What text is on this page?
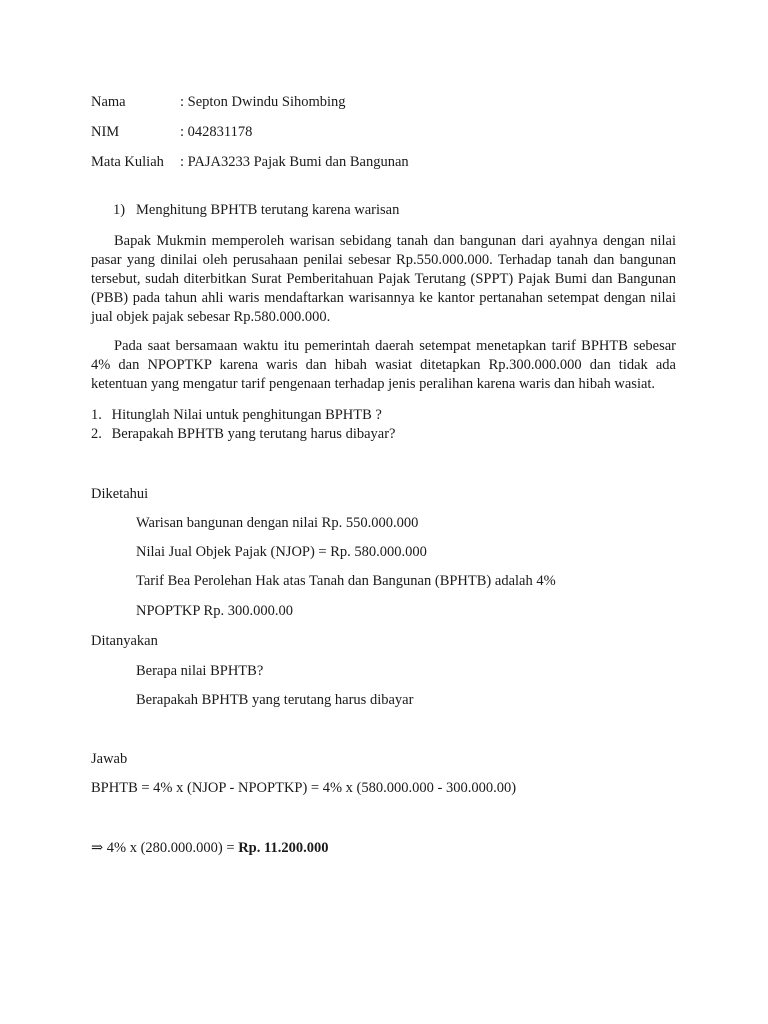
Nama	: Septon Dwindu Sihombing
NIM	: 042831178
Mata Kuliah : PAJA3233 Pajak Bumi dan Bangunan
1) Menghitung BPHTB terutang karena warisan

Bapak Mukmin memperoleh warisan sebidang tanah dan bangunan dari ayahnya dengan nilai pasar yang dinilai oleh perusahaan penilai sebesar Rp.550.000.000. Terhadap tanah dan bangunan tersebut, sudah diterbitkan Surat Pemberitahuan Pajak Terutang (SPPT) Pajak Bumi dan Bangunan (PBB) pada tahun ahli waris mendaftarkan warisannya ke kantor pertanahan setempat dengan nilai jual objek pajak sebesar Rp.580.000.000.

Pada saat bersamaan waktu itu pemerintah daerah setempat menetapkan tarif BPHTB sebesar 4% dan NPOPTKP karena waris dan hibah wasiat ditetapkan Rp.300.000.000 dan tidak ada ketentuan yang mengatur tarif pengenaan terhadap jenis peralihan karena waris dan hibah wasiat.

1. Hitunglah Nilai untuk penghitungan BPHTB ?
2. Berapakah BPHTB yang terutang harus dibayar?
Diketahui
Warisan bangunan dengan nilai Rp. 550.000.000
Nilai Jual Objek Pajak (NJOP) = Rp. 580.000.000
Tarif Bea Perolehan Hak atas Tanah dan Bangunan (BPHTB) adalah 4%
NPOPTKP Rp. 300.000.00
Ditanyakan
Berapa nilai BPHTB?
Berapakah BPHTB yang terutang harus dibayar
Jawab
BPHTB = 4% x (NJOP - NPOPTKP) = 4% x (580.000.000 - 300.000.00)
⇒ 4% x (280.000.000) = Rp. 11.200.000
